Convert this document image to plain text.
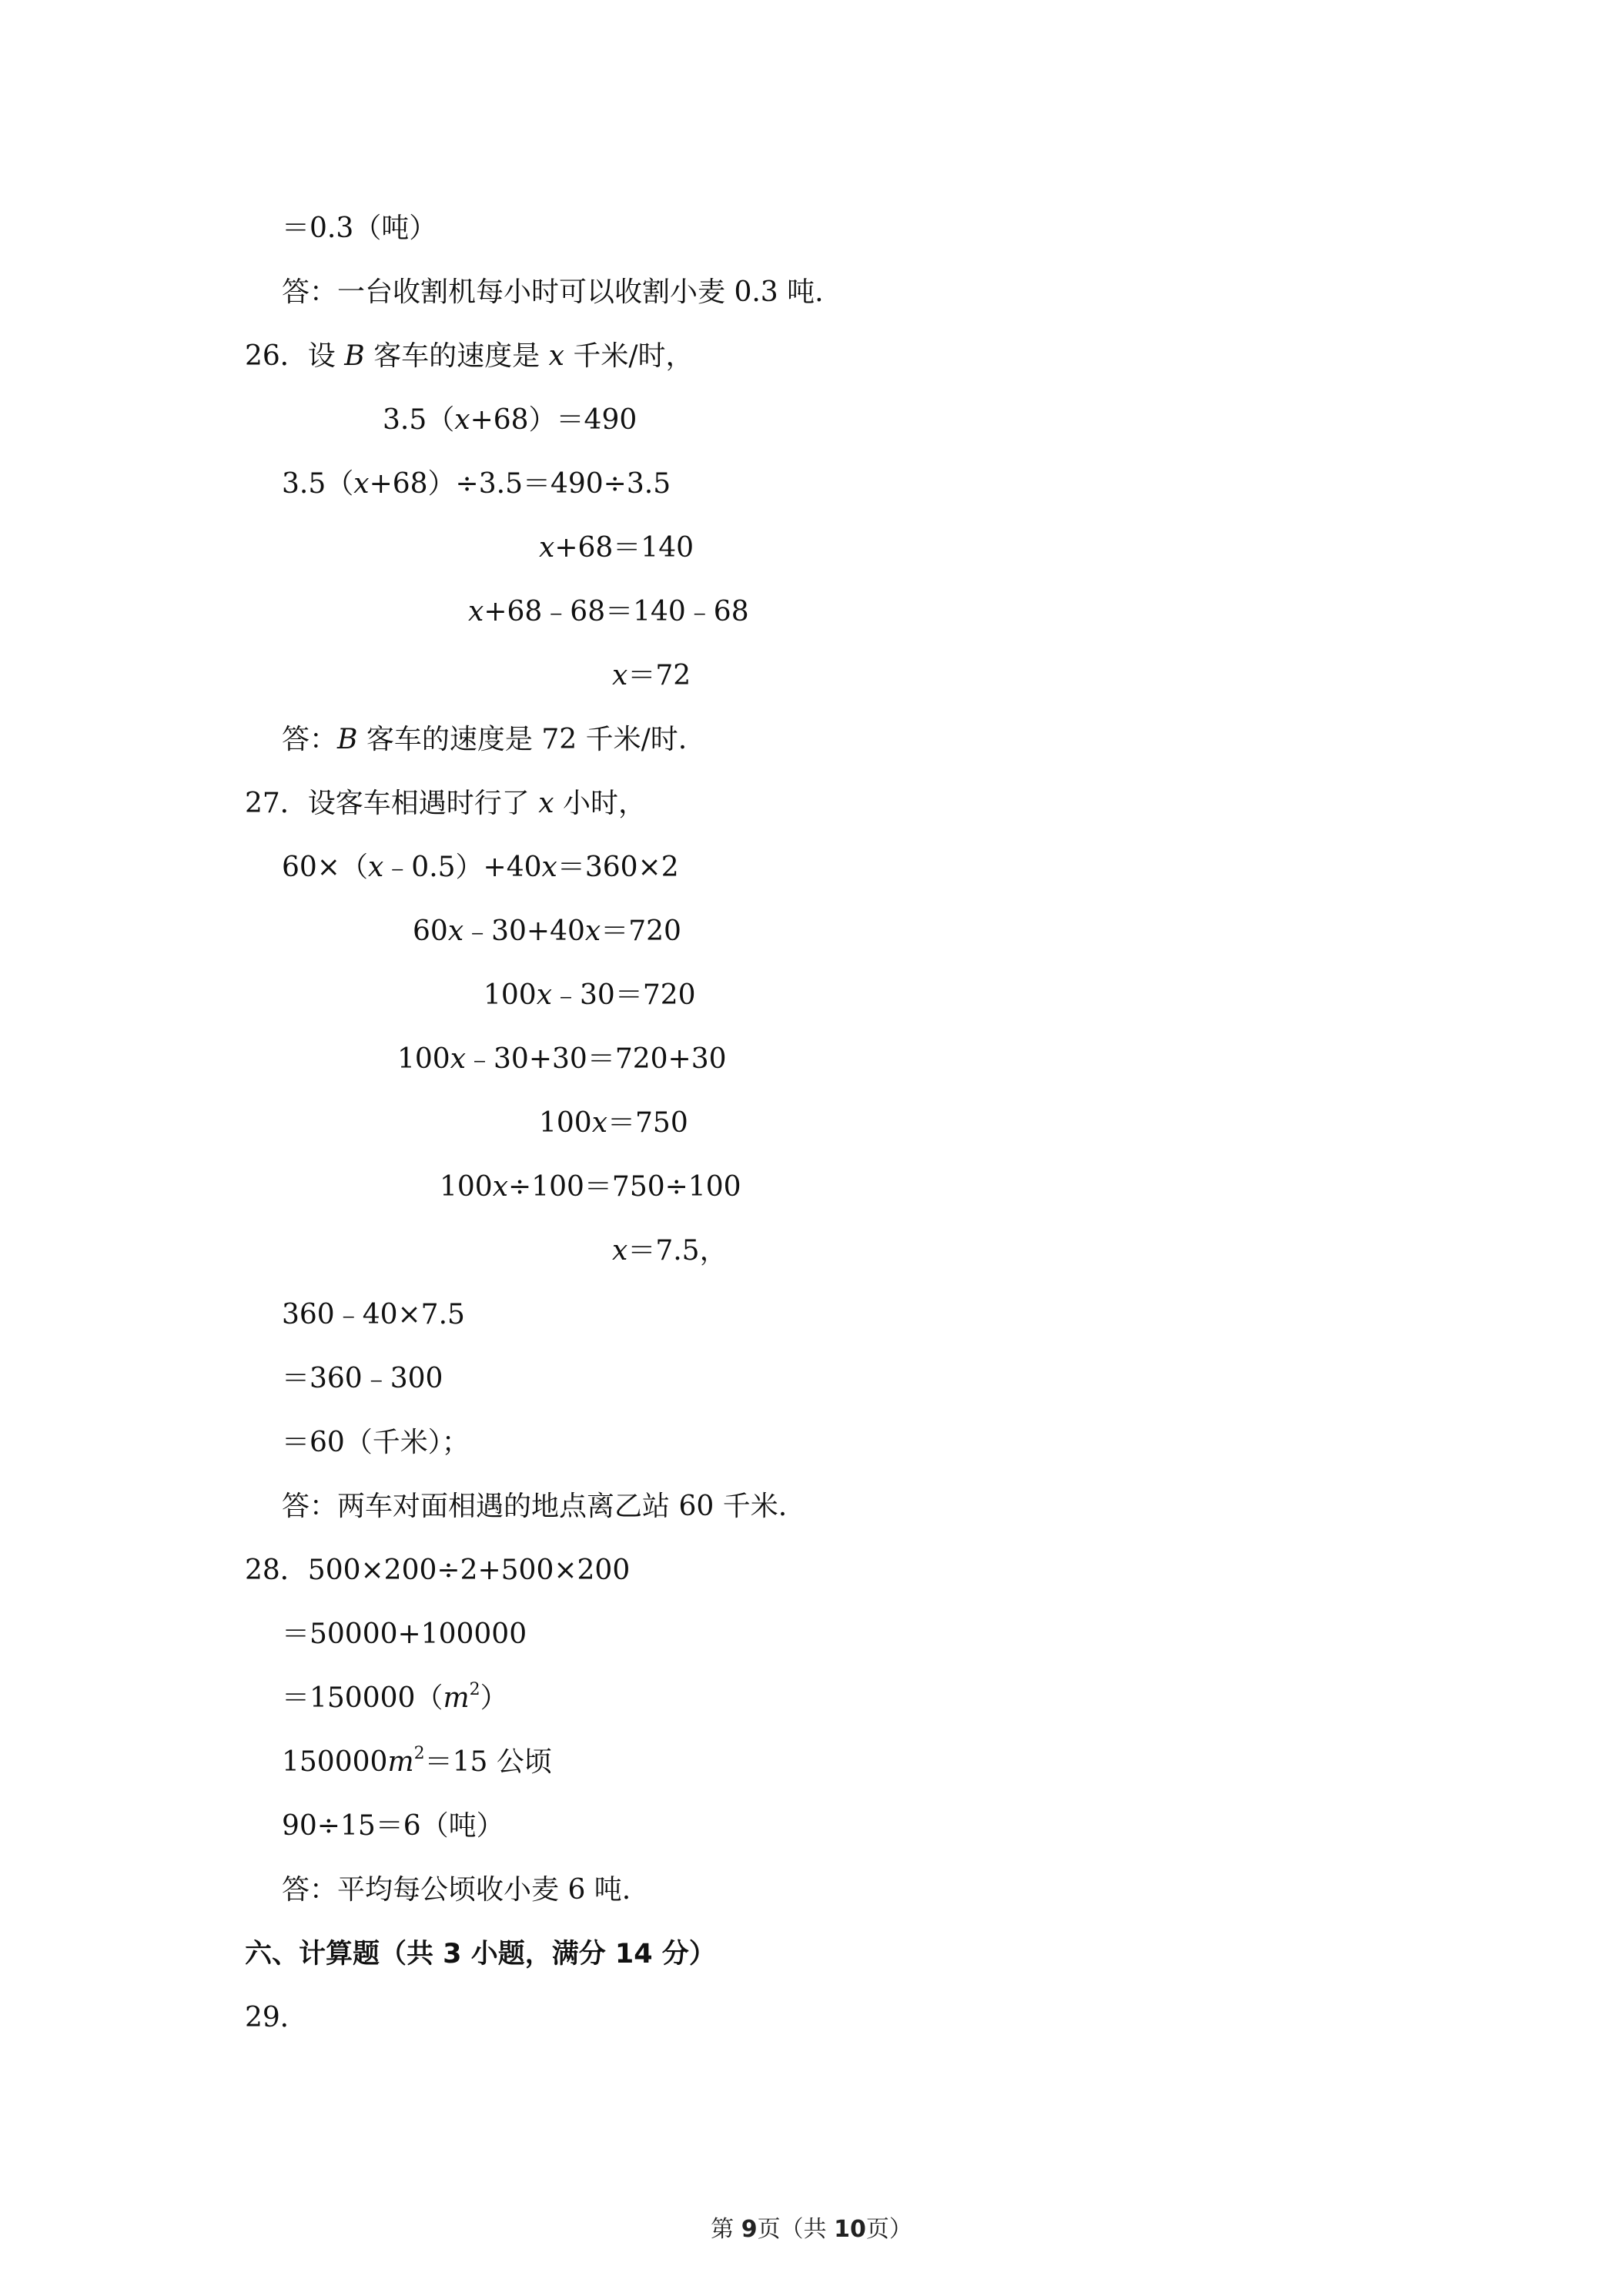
＝0.3（吨）
答：一台收割机每小时可以收割小麦 0.3 吨.
26．设 B 客车的速度是 x 千米/时，
3.5（x+68）＝490
3.5（x+68）÷3.5＝490÷3.5
x+68＝140
x+68﹣68＝140﹣68
x＝72
答：B 客车的速度是 72 千米/时.
27．设客车相遇时行了 x 小时，
60×（x﹣0.5）+40x＝360×2
60x﹣30+40x＝720
100x﹣30＝720
100x﹣30+30＝720+30
100x＝750
100x÷100＝750÷100
x＝7.5，
360﹣40×7.5
＝360﹣300
＝60（千米）；
答：两车对面相遇的地点离乙站 60 千米.
28．500×200÷2+500×200
＝50000+100000
$=150000(m^2)$
$150000m^2=15$ 公顷
90÷15＝6（吨）
答：平均每公顷收小麦 6 吨.
六、计算题（共 3 小题，满分 14 分）
29．
第 9页（共 10页）
